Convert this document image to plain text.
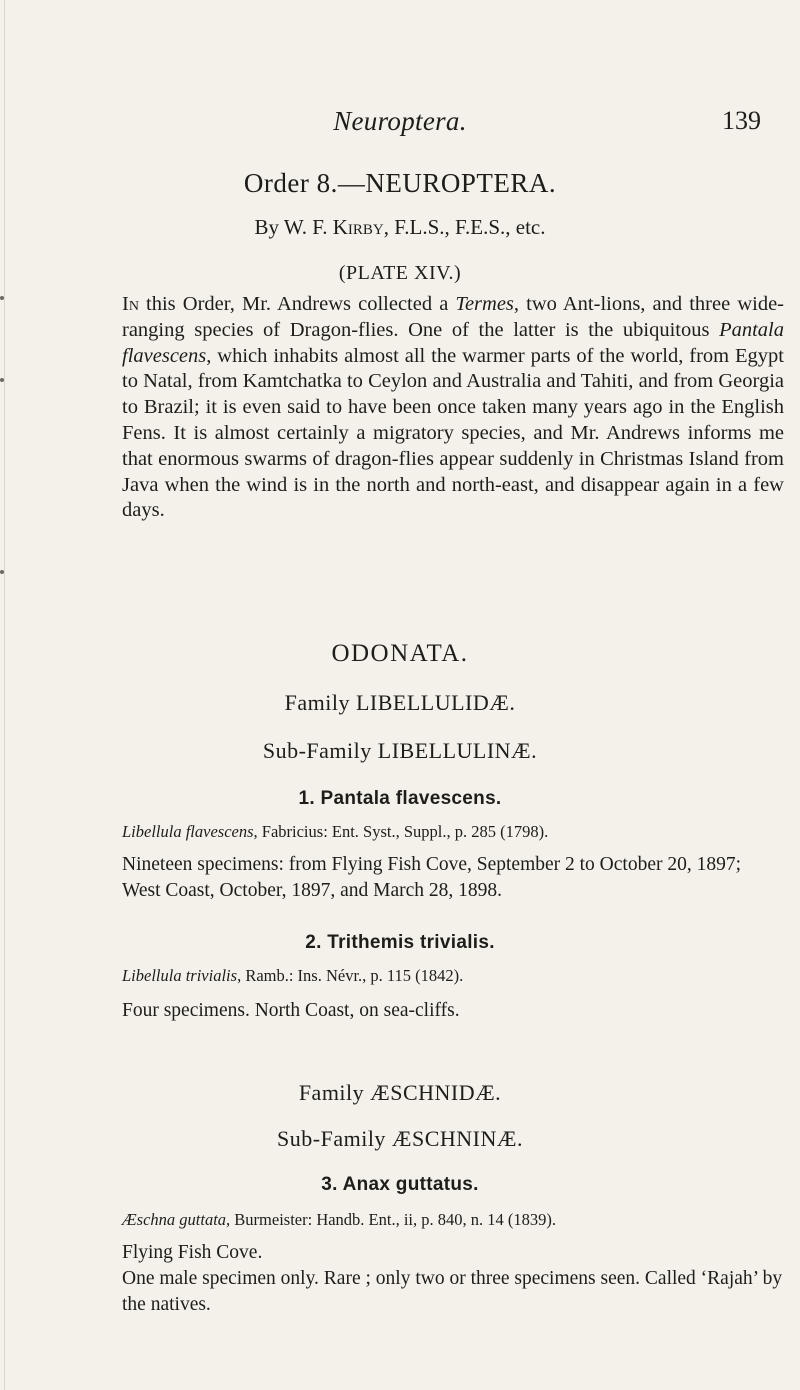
Neuroptera.	139
Order 8.—NEUROPTERA.
By W. F. Kirby, F.L.S., F.E.S., etc.
(PLATE XIV.)

In this Order, Mr. Andrews collected a Termes, two Ant-lions, and three wide-ranging species of Dragon-flies. One of the latter is the ubiquitous Pantala flavescens, which inhabits almost all the warmer parts of the world, from Egypt to Natal, from Kamtchatka to Ceylon and Australia and Tahiti, and from Georgia to Brazil; it is even said to have been once taken many years ago in the English Fens. It is almost certainly a migratory species, and Mr. Andrews informs me that enormous swarms of dragon-flies appear suddenly in Christmas Island from Java when the wind is in the north and north-east, and disappear again in a few days.

ODONATA.
Family LIBELLULIDÆ.
Sub-Family LIBELLULINÆ.
1. Pantala flavescens.
Libellula flavescens, Fabricius: Ent. Syst., Suppl., p. 285 (1798).
Nineteen specimens: from Flying Fish Cove, September 2 to October 20, 1897; West Coast, October, 1897, and March 28, 1898.
2. Trithemis trivialis.
Libellula trivialis, Ramb.: Ins. Névr., p. 115 (1842).
Four specimens. North Coast, on sea-cliffs.
Family ÆSCHNIDÆ.
Sub-Family ÆSCHNINÆ.
3. Anax guttatus.
Æschna guttata, Burmeister: Handb. Ent., ii, p. 840, n. 14 (1839).
Flying Fish Cove.
One male specimen only. Rare ; only two or three specimens seen. Called ‘Rajah’ by the natives.
